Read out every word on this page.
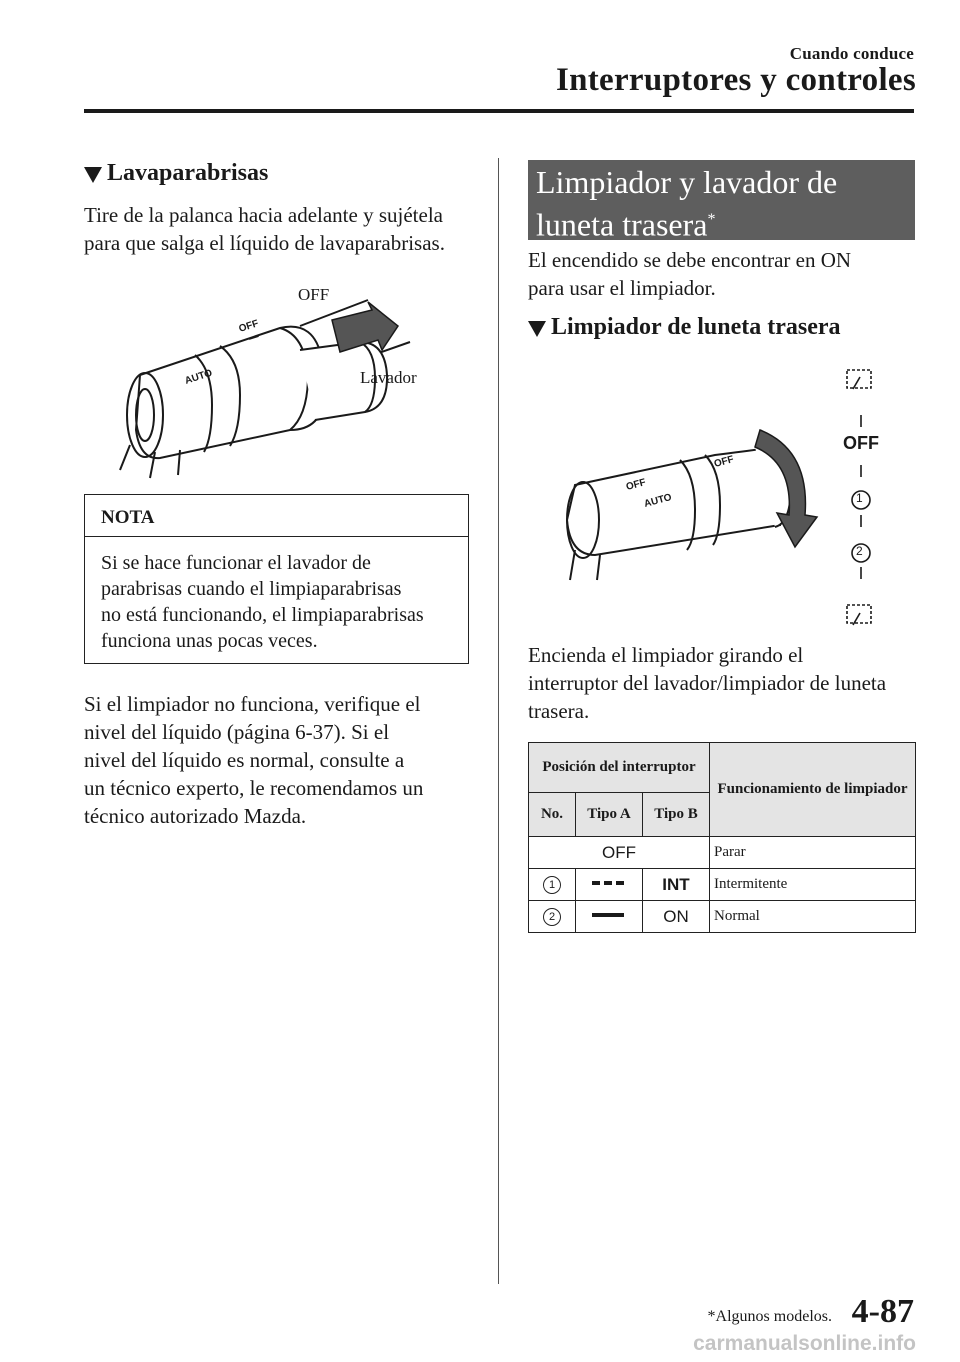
Cuando conduce
Interruptores y controles
Lavaparabrisas
Tire de la palanca hacia adelante y sujétela
para que salga el líquido de lavaparabrisas.
AUTO
OFF
—
OFF
Lavador
NOTA
Si se hace funcionar el lavador de
parabrisas cuando el limpiaparabrisas
no está funcionando, el limpiaparabrisas
funciona unas pocas veces.
Si el limpiador no funciona, verifique el
nivel del líquido (página 6-37). Si el
nivel del líquido es normal, consulte a
un técnico experto, le recomendamos un
técnico autorizado Mazda.
Limpiador y lavador de
luneta trasera*
El encendido se debe encontrar en ON
para usar el limpiador.
Limpiador de luneta trasera
OFF
AUTO
OFF
OFF
1
2
Encienda el limpiador girando el
interruptor del lavador/limpiador de luneta
trasera.
Posición del interruptor			Funcionamiento de limpiador
No.	Tipo A	Tipo B	
OFF			Parar
1		INT	Intermitente
2		ON	Normal
*Algunos modelos. 4-87
carmanualsonline.info
